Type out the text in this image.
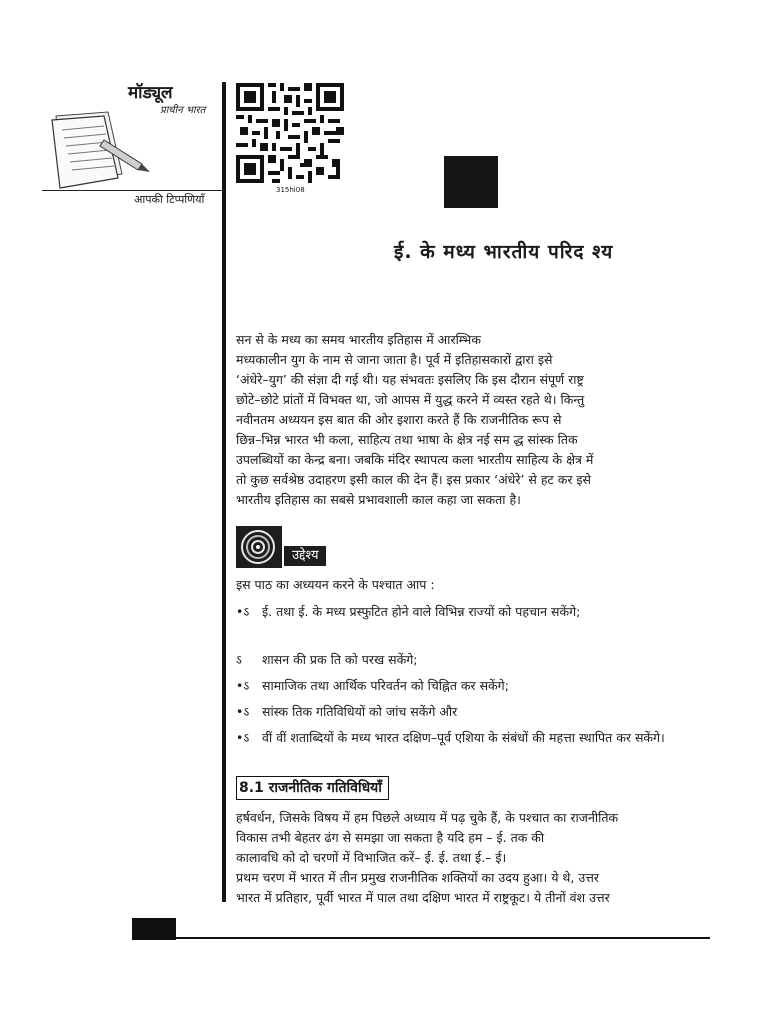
मॉड्यूल
प्राचीन भारत
आपकी टिप्पणियाँ
315hi08
ई. के मध्य भारतीय परिद श्य
सन से के मध्य का समय भारतीय इतिहास में आरम्भिक
मध्यकालीन युग के नाम से जाना जाता है। पूर्व में इतिहासकारों द्वारा इसे
‘अंधेरे–युग’ की संज्ञा दी गई थी। यह संभवतः इसलिए कि इस दौरान संपूर्ण राष्ट्र
छोटे–छोटे प्रांतों में विभक्त था, जो आपस में युद्ध करने में व्यस्त रहते थे। किन्तु
नवीनतम अध्ययन इस बात की ओर इशारा करते हैं कि राजनीतिक रूप से
छिन्न–भिन्न भारत भी कला, साहित्य तथा भाषा के क्षेत्र नई सम द्ध सांस्क तिक
उपलब्धियों का केन्द्र बना। जबकि मंदिर स्थापत्य कला भारतीय साहित्य के क्षेत्र में
तो कुछ सर्वश्रेष्ठ उदाहरण इसी काल की देन हैं। इस प्रकार ‘अंधेरे’ से हट कर इसे
भारतीय इतिहास का सबसे प्रभावशाली काल कहा जा सकता है।
उद्देश्य
इस पाठ का अध्ययन करने के पश्चात आप :
•ऽ	ई. तथा ई. के मध्य प्रस्फुटित होने वाले विभिन्न राज्यों को पहचान सकेंगे;
ऽ	शासन की प्रक ति को परख सकेंगे;
•ऽ	सामाजिक तथा आर्थिक परिवर्तन को चिह्नित कर सकेंगे;
•ऽ	सांस्क तिक गतिविधियों को जांच सकेंगे और
•ऽ	वीं वीं शताब्दियों के मध्य भारत दक्षिण–पूर्व एशिया के संबंधों की महत्ता स्थापित कर सकेंगे।
8.1 राजनीतिक गतिविधियाँ
हर्षवर्धन, जिसके विषय में हम पिछले अध्याय में पढ़ चुके हैं, के पश्चात का राजनीतिक
विकास तभी बेहतर ढंग से समझा जा सकता है यदि हम – ई. तक की
कालावधि को दो चरणों में विभाजित करें– ई. ई. तथा ई.– ई।
प्रथम चरण में भारत में तीन प्रमुख राजनीतिक शक्तियों का उदय हुआ। ये थे, उत्तर
भारत में प्रतिहार, पूर्वी भारत में पाल तथा दक्षिण भारत में राष्ट्रकूट। ये तीनों वंश उत्तर
